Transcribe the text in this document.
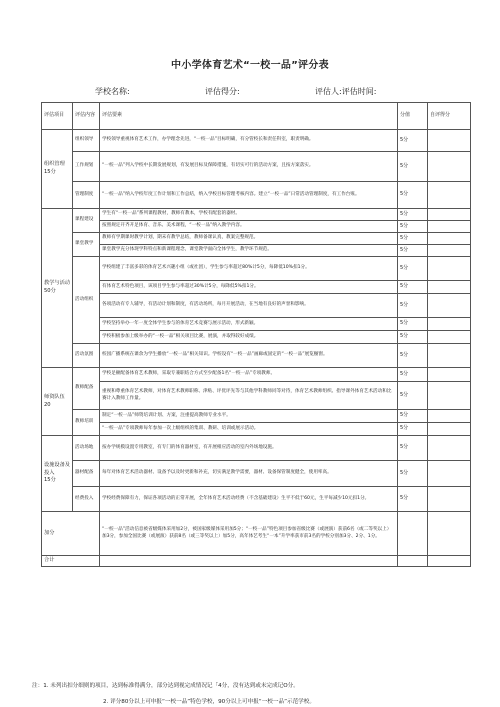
中小学体育艺术“一校一品”评分表
学校名称:	评估得分:	评估人:评估时间:
评估项目	评估内容	评估要素	分值	自评得分
组织管理
15分	组织领导	学校领导重视体育艺术工作，办学理念先进，“一校一品”目标明确，有分管校长和责任科室，职责明确。	5分	
	工作规划	“一校一品”列入学校中长期发展规划，有发展目标及保障措施，有切实可行的活动方案，且按方案落实。	5分	
	管理制度	“一校一品”纳入学校年度工作计划和工作总结，纳入学校目标管理考核内容。建立“一校一品”日常活动管理制度，有工作台账。	5分	
教学与活动
50分	课程建设	学生有“一校一品”系列课程教材，教师有教本，学校有配套的器材。	5分	
		按照规定开齐开足体育、音乐、美术课程，“一校一品”纳入教学内容。	5分	
	课堂教学	教师有学期课时教学计划，期末有教学总结，教师备课认真，教案完整规范。	5分	
		课堂教学充分体现学科特点和新课程理念，课堂教学面向全体学生，教学环节规范。	5分	
	活动组织	学校组建了丰富多彩的体育艺术兴趣小组（或社团），学生参与率超过80%计5分，每降低10%扣1分。	5分	
		有体育艺术特色项目，该项目学生参与率超过30%计5分，每降低5%扣1分。	5分	
		各项活动有专人辅导，有活动计划和制度，有活动场所，每月开展活动，在当地有良好的声誉和影响。	5分	
		学校坚持举办一年一度全体学生参与的体育艺术竞赛与展示活动，形式新颖。	5分	
		学校积极参加上级举办的“一校一品”相关项目比赛，展演，并取得较好成绩。	5分	
	活动氛围	校园广播系统在课余为学生播放“一校一品”相关知识。学校设有“一校一品”画廊或固定的“一校一品”展览橱窗。	5分	
师资队伍
20	教师配备	学校足额配备体育艺术教师，采取专兼职结合方式至少配备1名“一校一品”专项教师。	5分	
		重视和尊重体育艺术教师，对体育艺术教师职称、津贴、评优评先等与其他学科教师同等对待，体育艺术教师组织、指导课外体育艺术活动和比赛计入教师工作量。	5分	
	教师培训	制定“一校一品”师资培训计划、方案，注重提高教师专业水平。	5分	
		“一校一品”专项教师每年参加一次上级组织的集训、教研、培训或展示活动。	5分	
设施设备及投入
15分	活动场地	按办学规模设置专用教室，有专门的体育器材室，有开展相应活动的室内外场地设施。	5分	
	器材配备	每年对体育艺术活动器材、设备予以及时更新和补充，切实满足教学需要，器材、设备保管制度健全，使用率高。	5分	
	经费投入	学校经费保障有力，保证各项活动的正常开展，全年体育艺术活动经费（不含基础建设）生平不低于60元，生平每减少10元扣1分。	5分	
加分		“一校一品”活动信息被省级媒体采用加2分，被国家级媒体采用加5分；“一校一品”特色项目参加省级比赛（或展演）获前6名（或二等奖以上）加3分，参加全国比赛（或展演）获前8名（或三等奖以上）加5分，高年体艺考生“一本”升学率获市前3名的学校分别加3分、2分、1分。		
合计				
注：1. 未列出扣分细则的项目，达到标准得满分，部分达到视完成情况记「4分，没有达到或未完成记O分。
2. 评分80分以上可申报“一校一品”特色学校，90分以上可申报“一校一品”示范学校。
